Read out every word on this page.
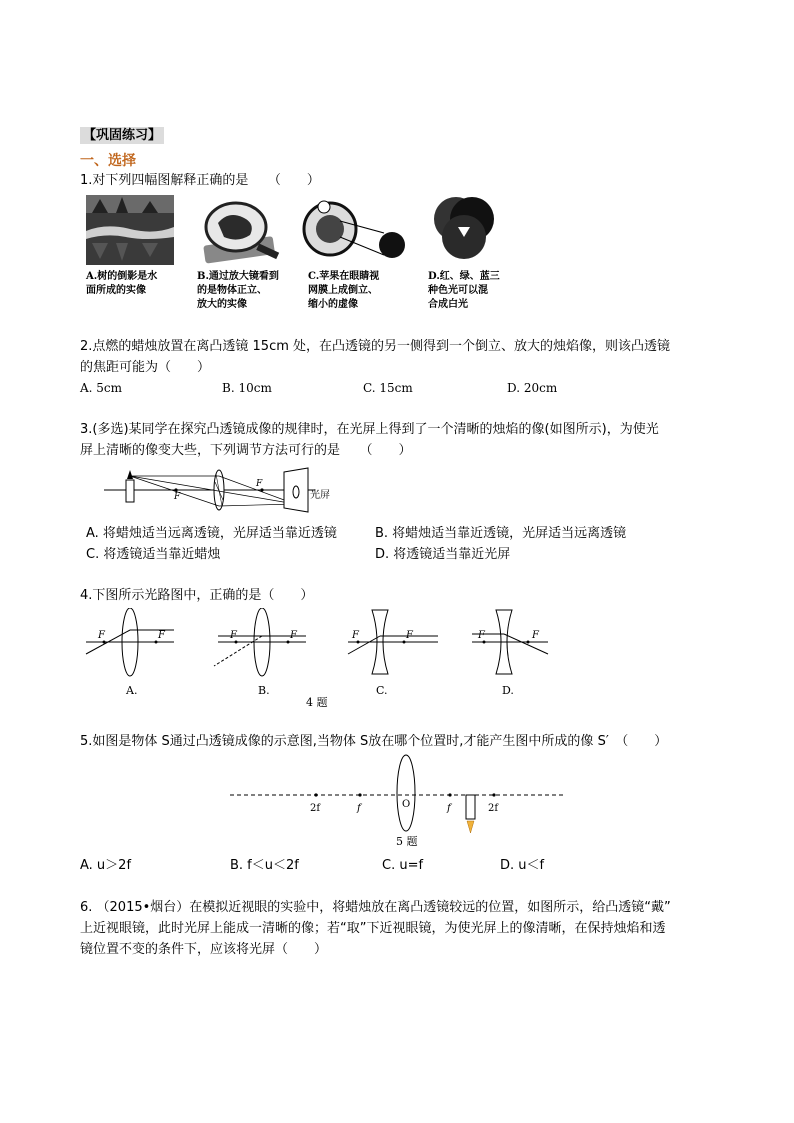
【巩固练习】
一、选择
1.对下列四幅图解释正确的是　　（　　）
A.树的倒影是水
面所成的实像
B.通过放大镜看到
的是物体正立、
放大的实像
C.苹果在眼睛视
网膜上成倒立、
缩小的虚像
D.红、绿、蓝三
种色光可以混
合成白光
2.点燃的蜡烛放置在离凸透镜 15cm 处，在凸透镜的另一侧得到一个倒立、放大的烛焰像，则该凸透镜
的焦距可能为（　　）
A. 5cm	B. 10cm	C. 15cm	D. 20cm
3.(多选)某同学在探究凸透镜成像的规律时，在光屏上得到了一个清晰的烛焰的像(如图所示)，为使光
屏上清晰的像变大些，下列调节方法可行的是　　（　　）
F
F
光屏
A. 将蜡烛适当远离透镜，光屏适当靠近透镜	B. 将蜡烛适当靠近透镜，光屏适当远离透镜
C. 将透镜适当靠近蜡烛	D. 将透镜适当靠近光屏
4.下图所示光路图中，正确的是（　　）
F	F	F	F	F	F	F	F
A.	B.	C.	D.
4 题
5.如图是物体 S通过凸透镜成像的示意图,当物体 S放在哪个位置时,才能产生图中所成的像 S′　（　　）
2f	f	O	f	2f
5 题
A. u＞2f	B. f＜u＜2f	C. u=f	D. u＜f
6. （2015•烟台）在模拟近视眼的实验中，将蜡烛放在离凸透镜较远的位置，如图所示，给凸透镜“戴”
上近视眼镜，此时光屏上能成一清晰的像；若“取”下近视眼镜，为使光屏上的像清晰，在保持烛焰和透
镜位置不变的条件下，应该将光屏（　　）
